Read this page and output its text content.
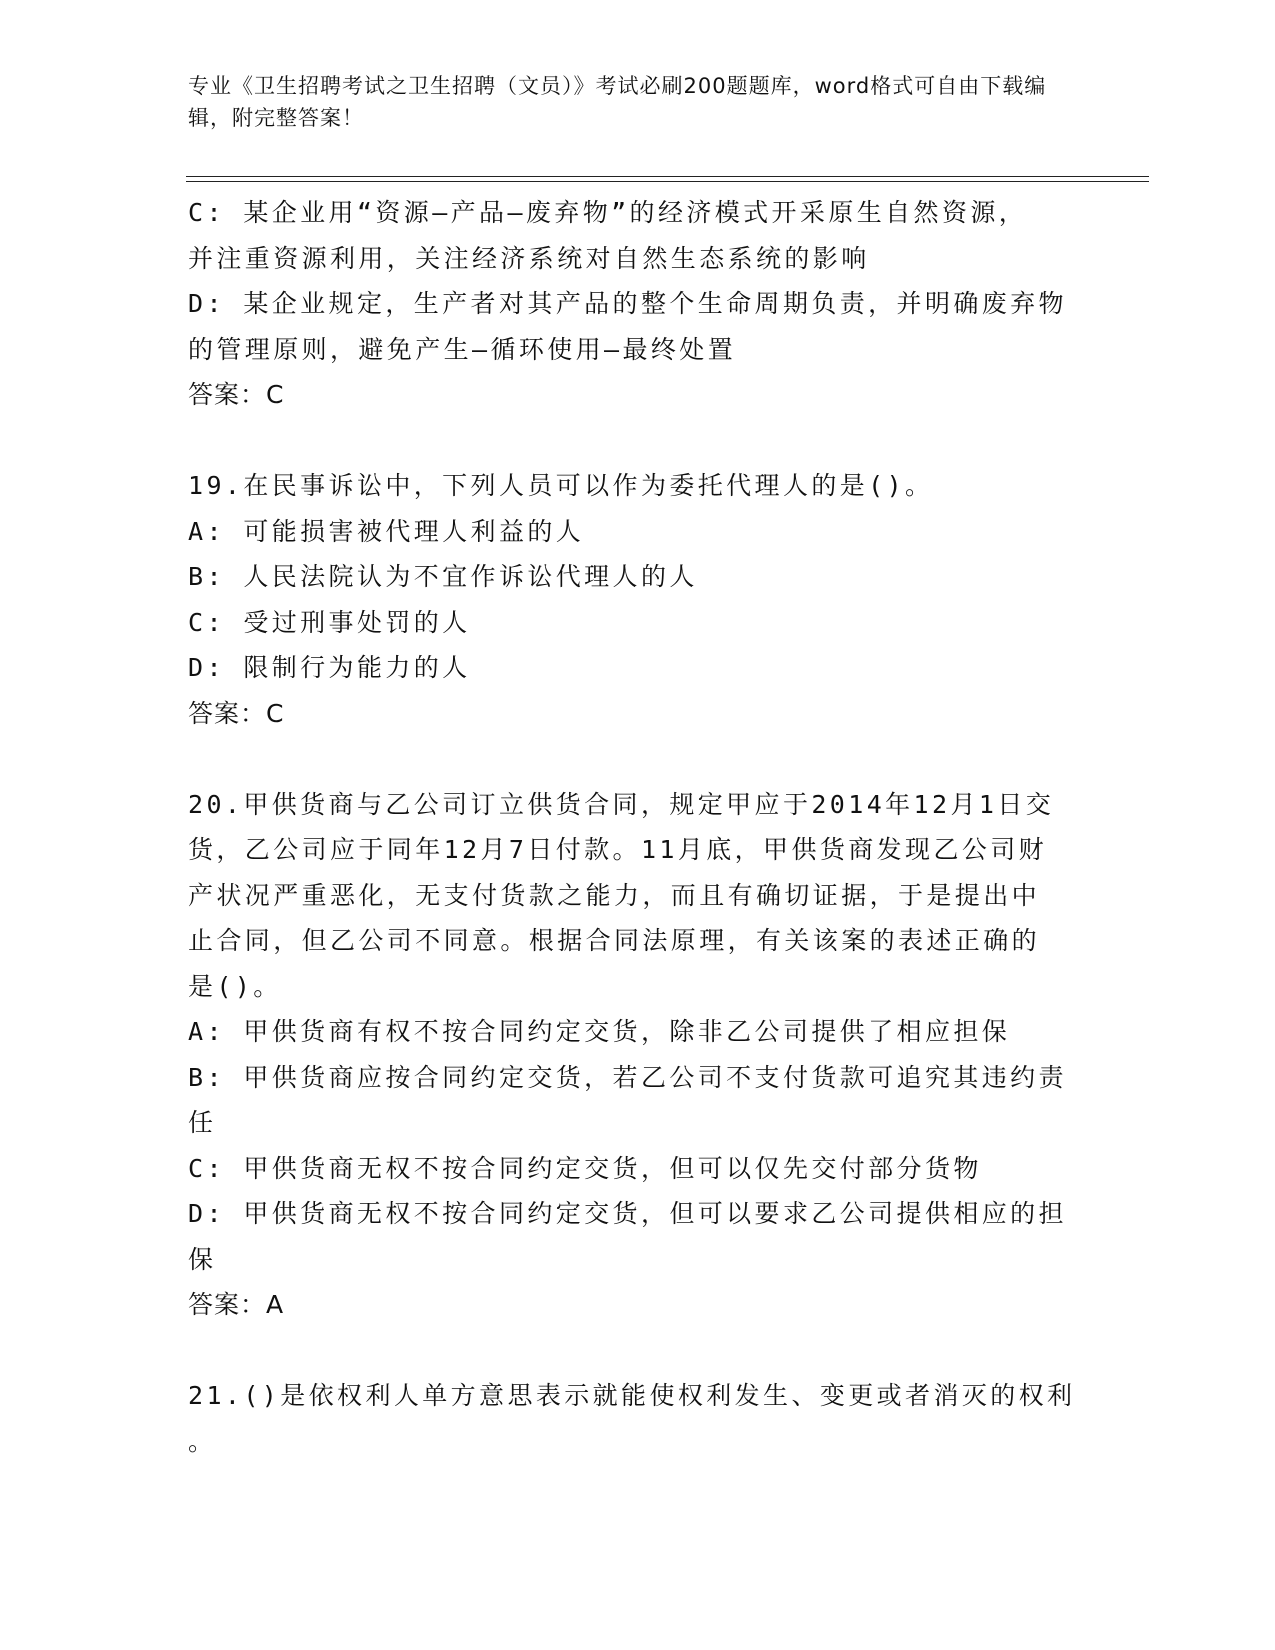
专业《卫生招聘考试之卫生招聘（文员）》考试必刷200题题库，word格式可自由下载编辑，附完整答案！
C: 某企业用“资源—产品—废弃物”的经济模式开采原生自然资源，
并注重资源利用，关注经济系统对自然生态系统的影响
D: 某企业规定，生产者对其产品的整个生命周期负责，并明确废弃物
的管理原则，避免产生—循环使用—最终处置
答案：C
19.在民事诉讼中，下列人员可以作为委托代理人的是()。
A: 可能损害被代理人利益的人
B: 人民法院认为不宜作诉讼代理人的人
C: 受过刑事处罚的人
D: 限制行为能力的人
答案：C
20.甲供货商与乙公司订立供货合同，规定甲应于2014年12月1日交
货，乙公司应于同年12月7日付款。11月底，甲供货商发现乙公司财
产状况严重恶化，无支付货款之能力，而且有确切证据，于是提出中
止合同，但乙公司不同意。根据合同法原理，有关该案的表述正确的
是()。
A: 甲供货商有权不按合同约定交货，除非乙公司提供了相应担保
B: 甲供货商应按合同约定交货，若乙公司不支付货款可追究其违约责
任
C: 甲供货商无权不按合同约定交货，但可以仅先交付部分货物
D: 甲供货商无权不按合同约定交货，但可以要求乙公司提供相应的担
保
答案：A
21.()是依权利人单方意思表示就能使权利发生、变更或者消灭的权利
。
